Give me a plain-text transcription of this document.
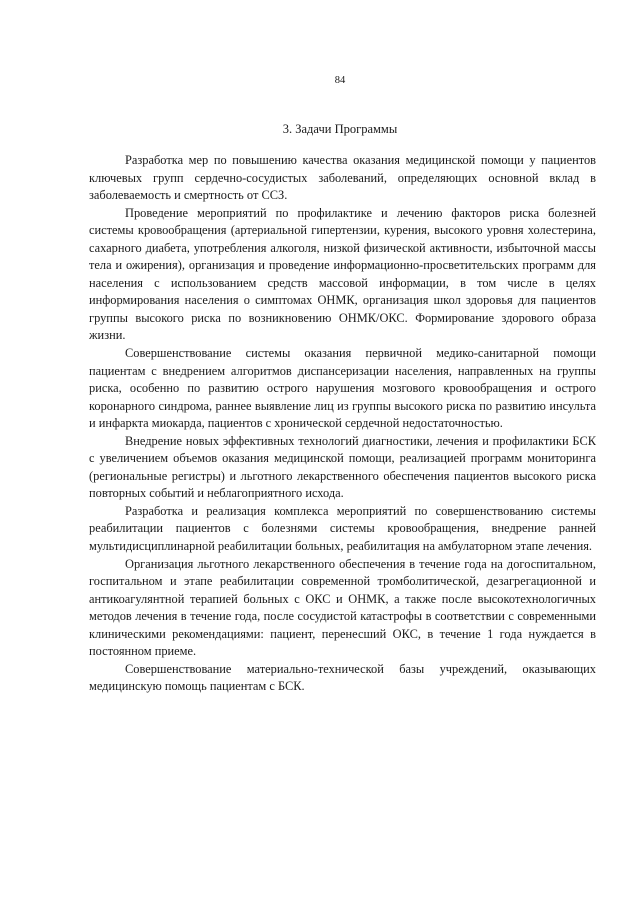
84
3. Задачи Программы

Разработка мер по повышению качества оказания медицинской помощи у пациентов ключевых групп сердечно-сосудистых заболеваний, определяющих основной вклад в заболеваемость и смертность от ССЗ.

Проведение мероприятий по профилактике и лечению факторов риска болезней системы кровообращения (артериальной гипертензии, курения, высокого уровня холестерина, сахарного диабета, употребления алкоголя, низкой физической активности, избыточной массы тела и ожирения), организация и проведение информационно-просветительских программ для населения с использованием средств массовой информации, в том числе в целях информирования населения о симптомах ОНМК, организация школ здоровья для пациентов группы высокого риска по возникновению ОНМК/ОКС. Формирование здорового образа жизни.

Совершенствование системы оказания первичной медико-санитарной помощи пациентам с внедрением алгоритмов диспансеризации населения, направленных на группы риска, особенно по развитию острого нарушения мозгового кровообращения и острого коронарного синдрома, раннее выявление лиц из группы высокого риска по развитию инсульта и инфаркта миокарда, пациентов с хронической сердечной недостаточностью.

Внедрение новых эффективных технологий диагностики, лечения и профилактики БСК с увеличением объемов оказания медицинской помощи, реализацией программ мониторинга (региональные регистры) и льготного лекарственного обеспечения пациентов высокого риска повторных событий и неблагоприятного исхода.

Разработка и реализация комплекса мероприятий по совершенствованию системы реабилитации пациентов с болезнями системы кровообращения, внедрение ранней мультидисциплинарной реабилитации больных, реабилитация на амбулаторном этапе лечения.

Организация льготного лекарственного обеспечения в течение года на догоспитальном, госпитальном и этапе реабилитации современной тромболитической, дезагрегационной и антикоагулянтной терапией больных с ОКС и ОНМК, а также после высокотехнологичных методов лечения в течение года, после сосудистой катастрофы в соответствии с современными клиническими рекомендациями: пациент, перенесший ОКС, в течение 1 года нуждается в постоянном приеме.

Совершенствование материально-технической базы учреждений, оказывающих медицинскую помощь пациентам с БСК.
